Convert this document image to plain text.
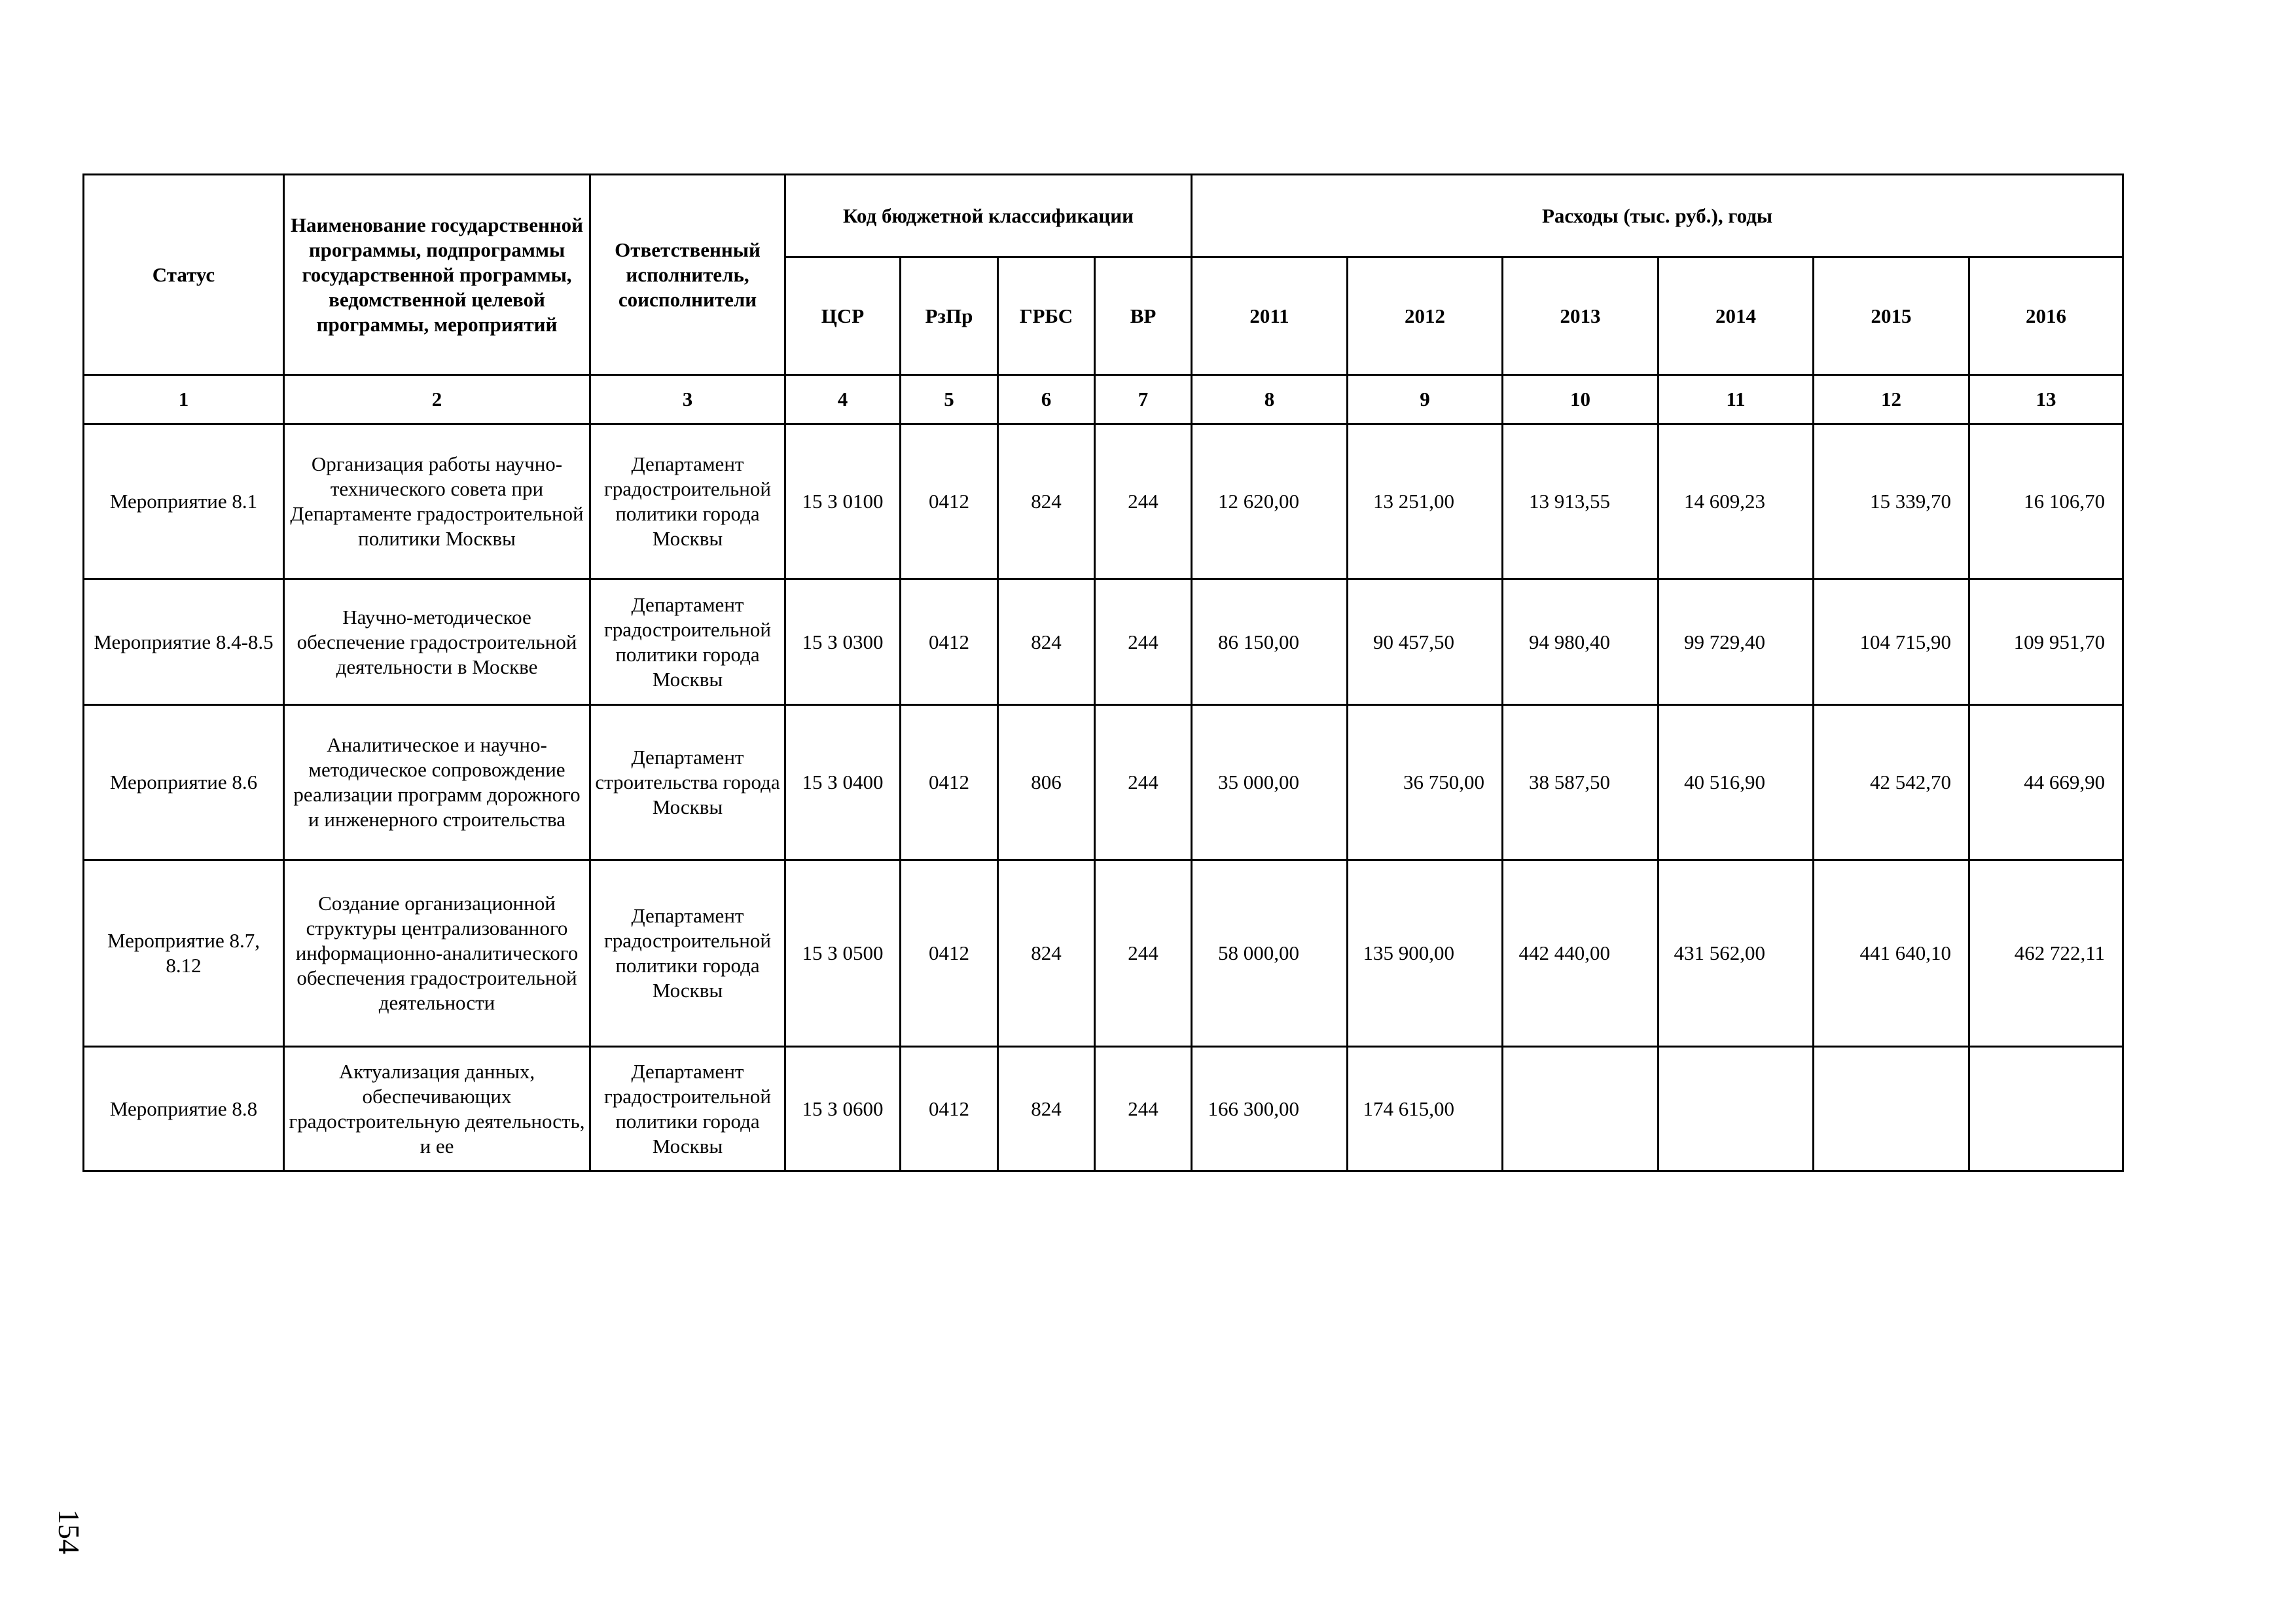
Статус	Наименование государственной программы, подпрограммы государственной программы, ведомственной целевой программы, мероприятий	Ответственный исполнитель, соисполнители	Код бюджетной классификации				Расходы (тыс. руб.), годы					
			ЦСР	РзПр	ГРБС	ВР	2011	2012	2013	2014	2015	2016
1	2	3	4	5	6	7	8	9	10	11	12	13
Мероприятие 8.1	Организация работы научно-технического совета при Департаменте градостроительной политики Москвы	Департамент градостроительной политики города Москвы	15 З 0100	0412	824	244	12 620,00	13 251,00	13 913,55	14 609,23	15 339,70	16 106,70
Мероприятие 8.4-8.5	Научно-методическое обеспечение градостроительной деятельности в Москве	Департамент градостроительной политики города Москвы	15 З 0300	0412	824	244	86 150,00	90 457,50	94 980,40	99 729,40	104 715,90	109 951,70
Мероприятие 8.6	Аналитическое и научно-методическое сопровождение реализации программ дорожного и инженерного строительства	Департамент строительства города Москвы	15 З 0400	0412	806	244	35 000,00	36 750,00	38 587,50	40 516,90	42 542,70	44 669,90
Мероприятие 8.7, 8.12	Создание организационной структуры централизованного информационно-аналитического обеспечения градостроительной деятельности	Департамент градостроительной политики города Москвы	15 З 0500	0412	824	244	58 000,00	135 900,00	442 440,00	431 562,00	441 640,10	462 722,11
Мероприятие 8.8	Актуализация данных, обеспечивающих градостроительную деятельность, и ее	Департамент градостроительной политики города Москвы	15 З 0600	0412	824	244	166 300,00	174 615,00				
154
